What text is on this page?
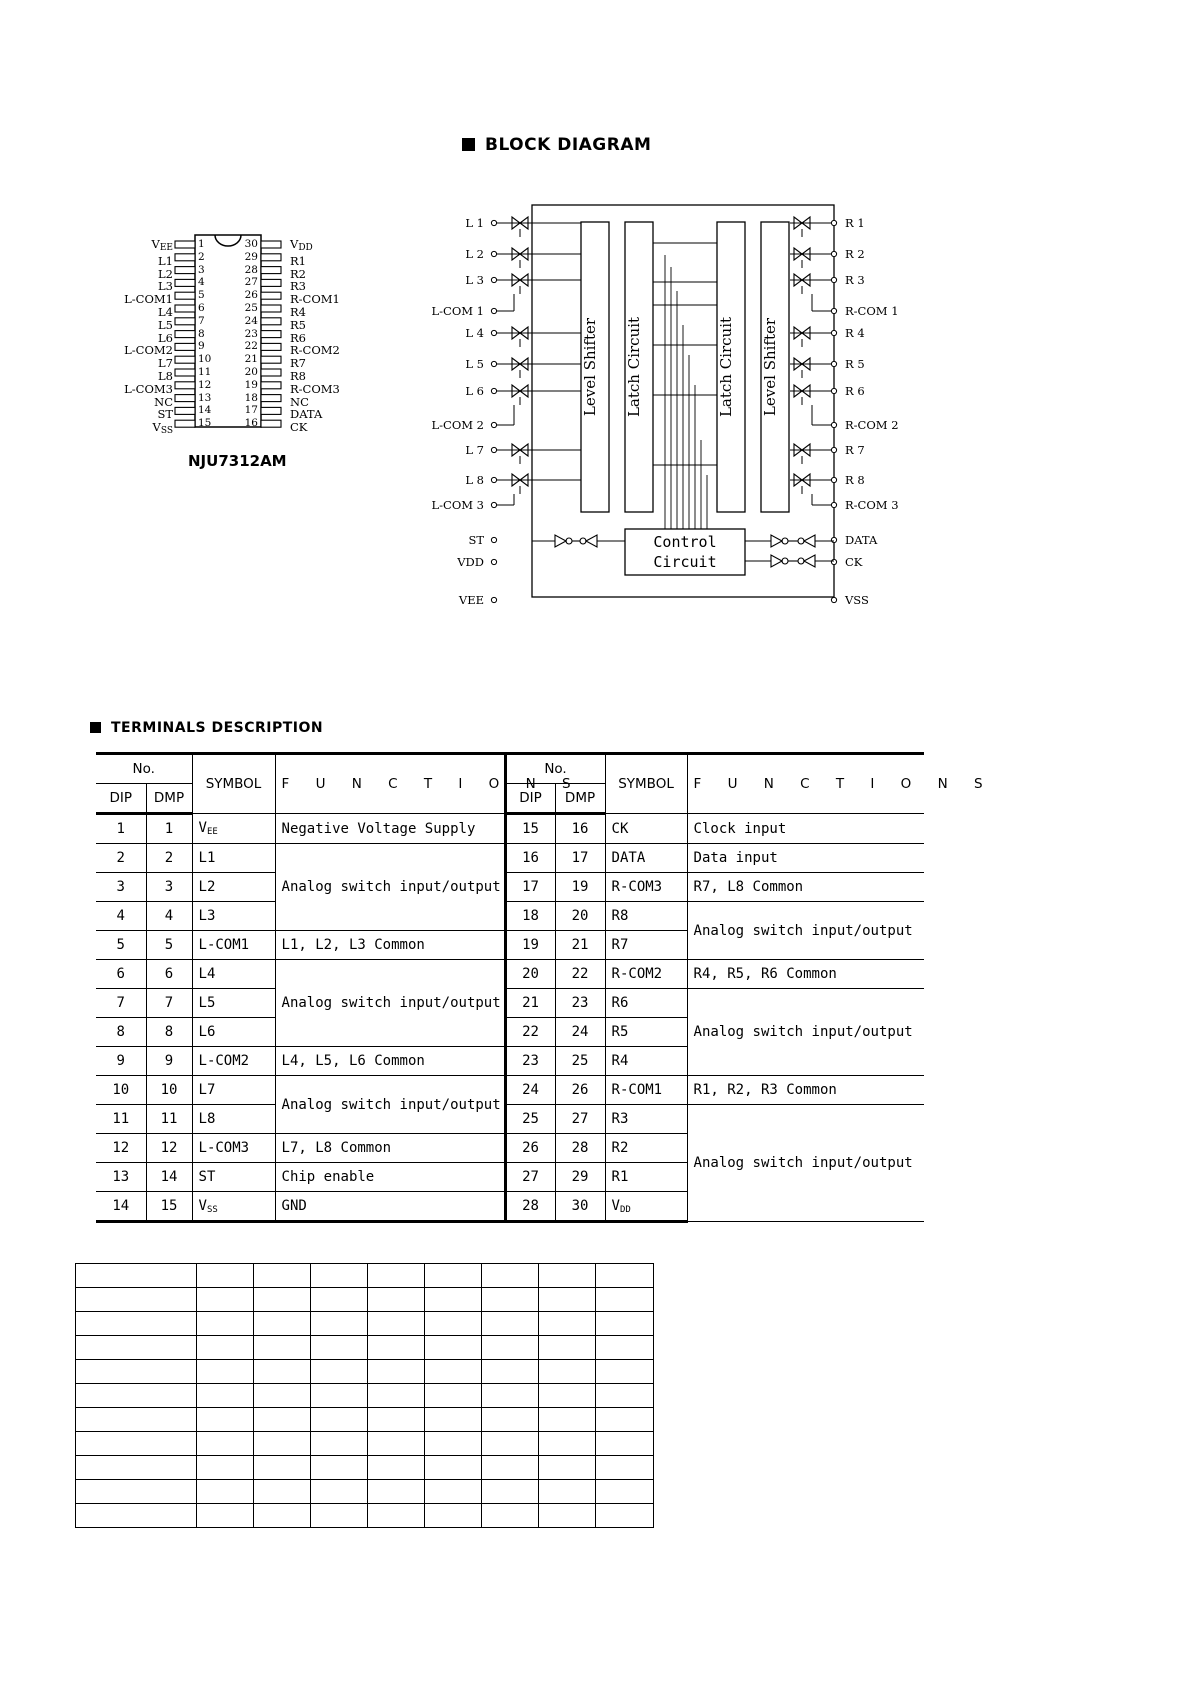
BLOCK DIAGRAM
$V_{EE}$
L1
L2
L3
L-COM1
L4
L5
L6
L-COM2
L7
L8
L-COM3
NC
ST
$V_{SS}$
1
2
3
4
5
6
7
8
9
10
11
12
13
14
15
30
29
28
27
26
25
24
23
22
21
20
19
18
17
16
$V_{DD}$
R1
R2
R3
R-COM1
R4
R5
R6
R-COM2
R7
R8
R-COM3
NC
DATA
CK
NJU7312AM
L 1	R 1
L 2	R 2
L 3	R 3
L-COM 1	R-COM 1
L 4	R 4
L 5	R 5
L 6	R 6
L-COM 2	R-COM 2
L 7	R 7
L 8	R 8
L-COM 3	R-COM 3
ST	DATA
VDD	CK
VEE	VSS
Level Shifter Latch Circuit	Latch Circuit Level Shifter
Control
Circuit
TERMINALS DESCRIPTION
No.		SYMBOL	F U N C T I O N S	No.		SYMBOL	F U N C T I O N S
DIP	DMP			DIP	DMP		
1	1	$V_{EE}$	Negative Voltage Supply	15	16	CK	Clock input
2	2	L1	Analog switch input/output	16	17	DATA	Data input
3	3	L2		17	19	R-COM3	R7, L8 Common
4	4	L3		18	20	R8	Analog switch input/output
5	5	L-COM1	L1, L2, L3 Common	19	21	R7	
6	6	L4	Analog switch input/output	20	22	R-COM2	R4, R5, R6 Common
7	7	L5		21	23	R6	Analog switch input/output
8	8	L6		22	24	R5	
9	9	L-COM2	L4, L5, L6 Common	23	25	R4	
10	10	L7	Analog switch input/output	24	26	R-COM1	R1, R2, R3 Common
11	11	L8		25	27	R3	Analog switch input/output
12	12	L-COM3	L7, L8 Common	26	28	R2	
13	14	ST	Chip enable	27	29	R1	
14	15	$V_{SS}$	GND	28	30	$V_{DD}$
